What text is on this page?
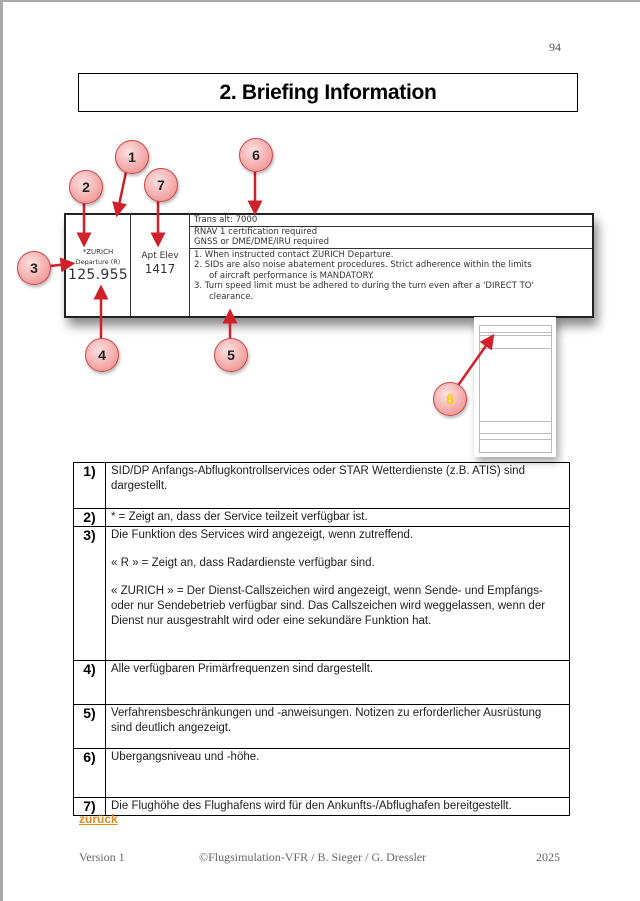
94
2. Briefing Information
*ZURICH
Departure (R)
125.955
Apt Elev
1417
Trans alt: 7000
RNAV 1 certification required
GNSS or DME/DME/IRU required
1. When instructed contact ZURICH Departure.
2. SIDs are also noise abatement procedures. Strict adherence within the limits
of aircraft performance is MANDATORY.
3. Turn speed limit must be adhered to during the turn even after a 'DIRECT TO'
clearance.
1
2
3
4	5
6
7
8
1)	SID/DP Anfangs-Abflugkontrollservices oder STAR Wetterdienste (z.B. ATIS) sind dargestellt.

2)	* = Zeigt an, dass der Service teilzeit verfügbar ist.

3)	Die Funktion des Services wird angezeigt, wenn zutreffend.

« R » = Zeigt an, dass Radardienste verfügbar sind.

« ZURICH » = Der Dienst-Callszeichen wird angezeigt, wenn Sende- und Empfangs- oder nur Sendebetrieb verfügbar sind. Das Callszeichen wird weggelassen, wenn der Dienst nur ausgestrahlt wird oder eine sekundäre Funktion hat.

4)	Alle verfügbaren Primärfrequenzen sind dargestellt.

5)	Verfahrensbeschränkungen und -anweisungen. Notizen zu erforderlicher Ausrüstung sind deutlich angezeigt.

6)	Ubergangsniveau und -höhe.

7)	Die Flughöhe des Flughafens wird für den Ankunfts-/Abflughafen bereitgestellt.

zurück
Version 1	©Flugsimulation-VFR / B. Sieger / G. Dressler	2025
